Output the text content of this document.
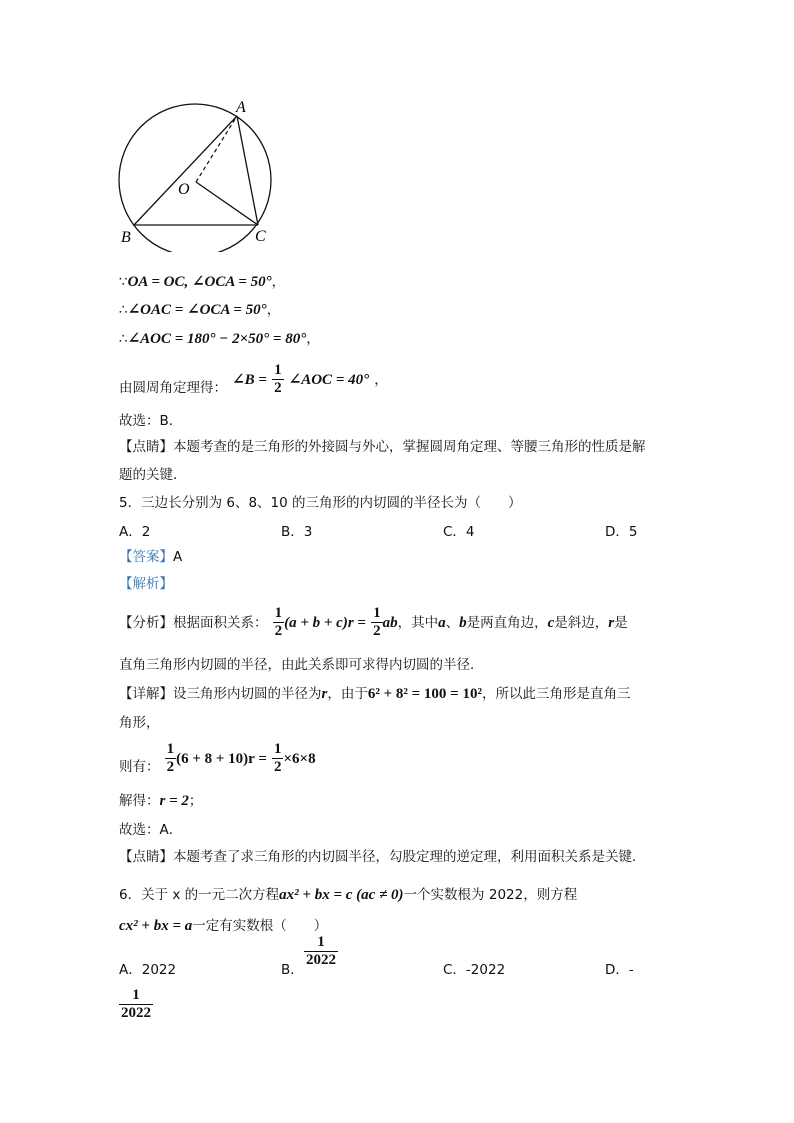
A
O
B	C
∵OA = OC, ∠OCA = 50°，
∴∠OAC = ∠OCA = 50°，
∴∠AOC = 180° − 2×50° = 80°，
由圆周角定理得： ∠B = $\frac{1}{2}$ ∠AOC = 40° ，
故选：B．
【点睛】本题考查的是三角形的外接圆与外心，掌握圆周角定理、等腰三角形的性质是解
题的关键．
5．三边长分别为 6、8、10 的三角形的内切圆的半径长为（　　）
A．2	B．3	C．4	D．5
【答案】A
【解析】
【分析】根据面积关系： $\frac{1}{2} (a + b + c)r = \frac{1}{2}$ ab，其中a、b是两直角边，c是斜边，r是
直角三角形内切圆的半径，由此关系即可求得内切圆的半径．
【详解】设三角形内切圆的半径为r，由于6² + 8² = 100 = 10²，所以此三角形是直角三
角形，
则有： $\frac{1}{2} (6 + 8 + 10)r = \frac{1}{2} \times 6\times 8$
解得：r = 2；
故选：A．
【点睛】本题考查了求三角形的内切圆半径，勾股定理的逆定理，利用面积关系是关键．
6．关于 x 的一元二次方程ax² + bx = c (ac ≠ 0)一个实数根为 2022，则方程
cx² + bx = a一定有实数根（　　）
A．2022	B．
$\frac{1}{2022}$
C．-2022	D．-
$\frac{1}{2022}$
